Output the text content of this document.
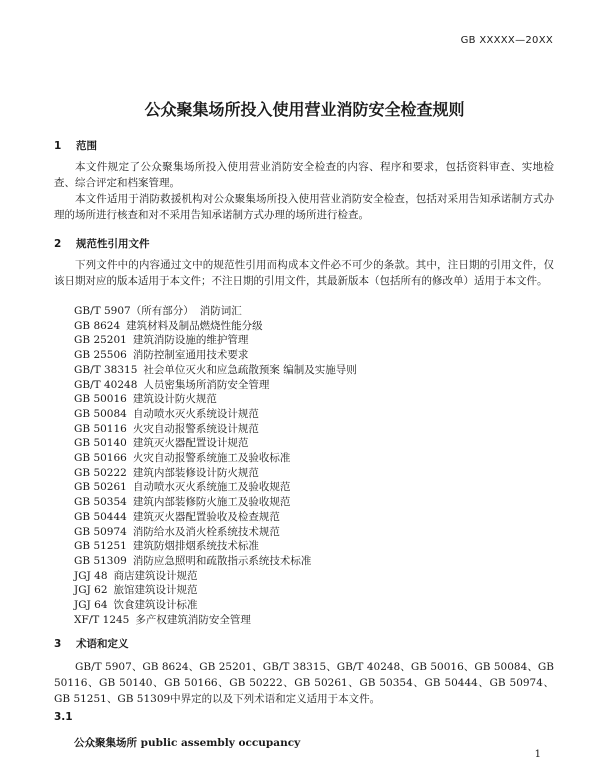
GB XXXXX—20XX
公众聚集场所投入使用营业消防安全检查规则
1 范围

本文件规定了公众聚集场所投入使用营业消防安全检查的内容、程序和要求，包括资料审查、实地检查、综合评定和档案管理。

本文件适用于消防救援机构对公众聚集场所投入使用营业消防安全检查，包括对采用告知承诺制方式办理的场所进行核查和对不采用告知承诺制方式办理的场所进行检查。

2 规范性引用文件

下列文件中的内容通过文中的规范性引用而构成本文件必不可少的条款。其中，注日期的引用文件，仅该日期对应的版本适用于本文件；不注日期的引用文件，其最新版本（包括所有的修改单）适用于本文件。

GB/T 5907（所有部分） 消防词汇
GB 8624 建筑材料及制品燃烧性能分级
GB 25201 建筑消防设施的维护管理
GB 25506 消防控制室通用技术要求
GB/T 38315 社会单位灭火和应急疏散预案 编制及实施导则
GB/T 40248 人员密集场所消防安全管理
GB 50016 建筑设计防火规范
GB 50084 自动喷水灭火系统设计规范
GB 50116 火灾自动报警系统设计规范
GB 50140 建筑灭火器配置设计规范
GB 50166 火灾自动报警系统施工及验收标准
GB 50222 建筑内部装修设计防火规范
GB 50261 自动喷水灭火系统施工及验收规范
GB 50354 建筑内部装修防火施工及验收规范
GB 50444 建筑灭火器配置验收及检查规范
GB 50974 消防给水及消火栓系统技术规范
GB 51251 建筑防烟排烟系统技术标准
GB 51309 消防应急照明和疏散指示系统技术标准
JGJ 48 商店建筑设计规范
JGJ 62 旅馆建筑设计规范
JGJ 64 饮食建筑设计标准
XF/T 1245 多产权建筑消防安全管理
3 术语和定义

GB/T 5907、GB 8624、GB 25201、GB/T 38315、GB/T 40248、GB 50016、GB 50084、GB 50116、GB 50140、GB 50166、GB 50222、GB 50261、GB 50354、GB 50444、GB 50974、GB 51251、GB 51309中界定的以及下列术语和定义适用于本文件。

3.1
公众聚集场所 public assembly occupancy
1
